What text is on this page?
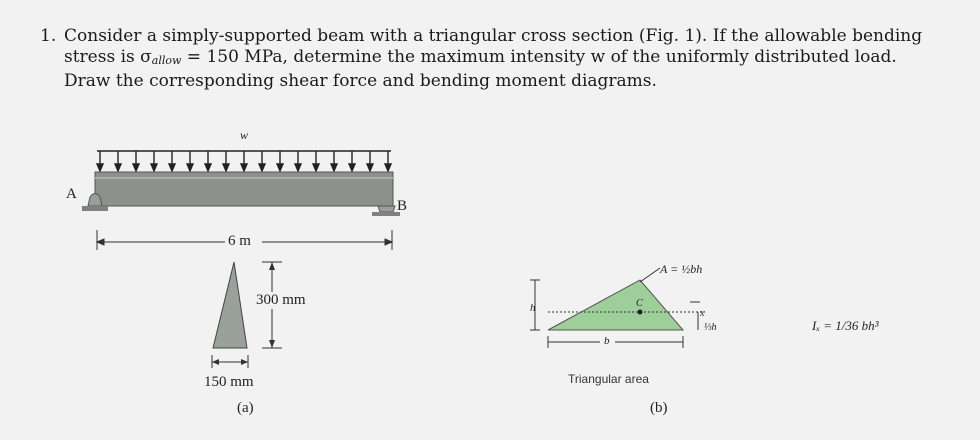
1. Consider a simply-supported beam with a triangular cross section (Fig. 1). If the allowable bending
stress is σallow = 150 MPa, determine the maximum intensity w of the uniformly distributed load.
Draw the corresponding shear force and bending moment diagrams.
w
A
B
6 m
300 mm
150 mm
(a)
A = ½bh
h
b
C
x
⅓h	Iₓ = 1/36 bh³
Triangular area
(b)
